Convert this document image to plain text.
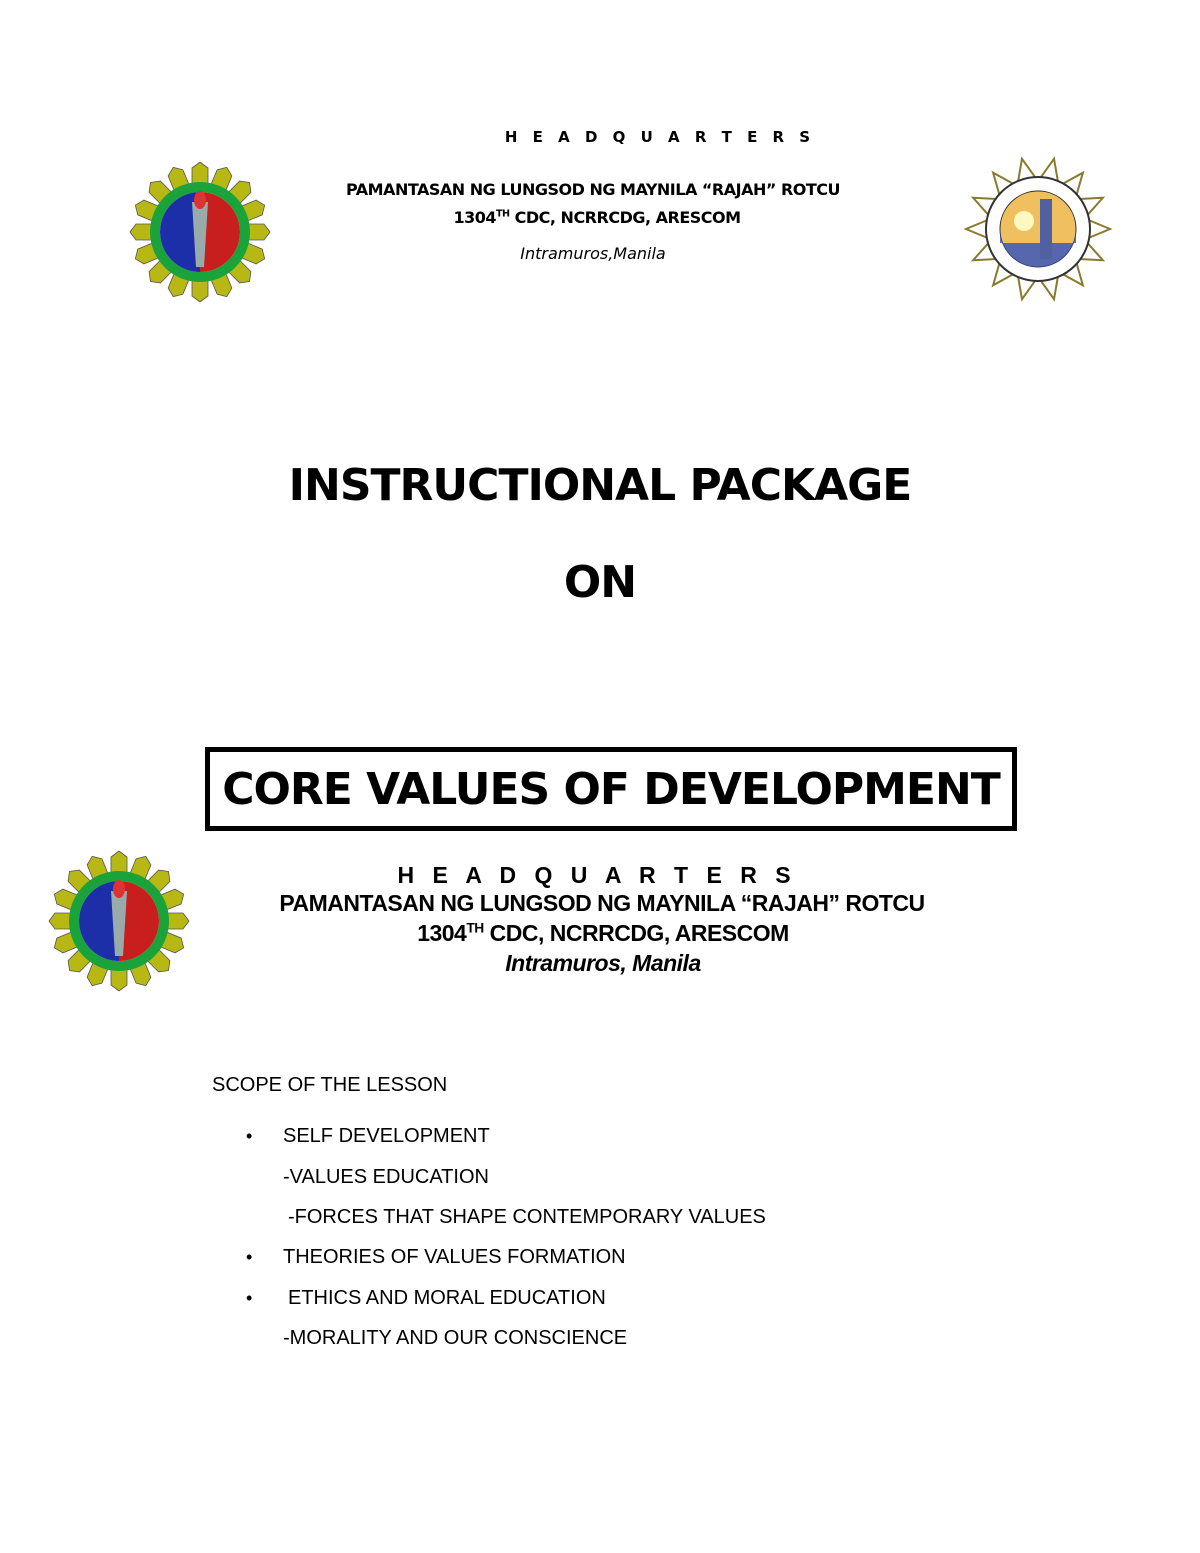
H E A D Q U A R T E R S
PAMANTASAN NG LUNGSOD NG MAYNILA “RAJAH” ROTCU
1304TH CDC, NCRRCDG, ARESCOM
Intramuros,Manila
INSTRUCTIONAL PACKAGE
ON
CORE VALUES OF DEVELOPMENT
H E A D Q U A R T E R S
PAMANTASAN NG LUNGSOD NG MAYNILA “RAJAH” ROTCU
1304TH CDC, NCRRCDG, ARESCOM
Intramuros, Manila
SCOPE OF THE LESSON
• SELF DEVELOPMENT
-VALUES EDUCATION
-FORCES THAT SHAPE CONTEMPORARY VALUES
• THEORIES OF VALUES FORMATION
• ETHICS AND MORAL EDUCATION
-MORALITY AND OUR CONSCIENCE
